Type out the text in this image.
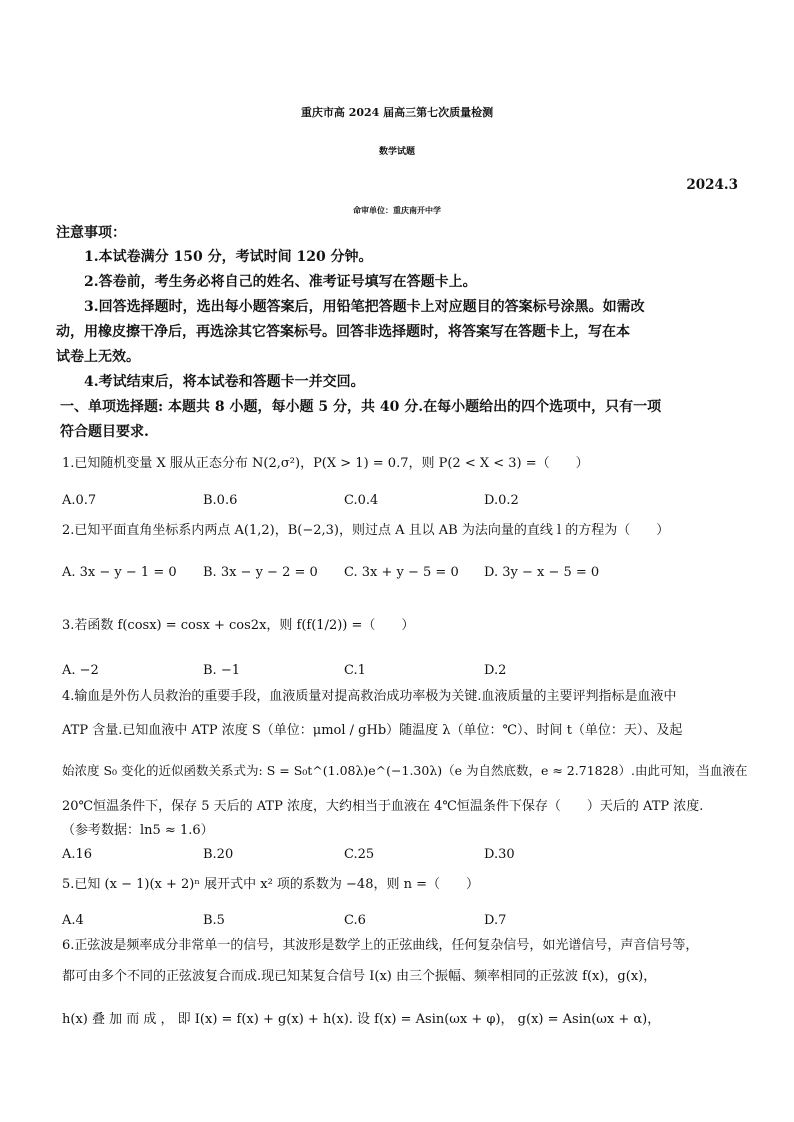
重庆市高 2024 届高三第七次质量检测
数学试题
2024.3
命审单位：重庆南开中学
注意事项：
1.本试卷满分 150 分，考试时间 120 分钟。
2.答卷前，考生务必将自己的姓名、准考证号填写在答题卡上。
3.回答选择题时，选出每小题答案后，用铅笔把答题卡上对应题目的答案标号涂黑。如需改
动，用橡皮擦干净后，再选涂其它答案标号。回答非选择题时，将答案写在答题卡上，写在本
试卷上无效。
4.考试结束后，将本试卷和答题卡一并交回。
一、单项选择题: 本题共 8 小题，每小题 5 分，共 40 分.在每小题给出的四个选项中，只有一项
符合题目要求.
1.已知随机变量 X 服从正态分布 N(2,σ²)，P(X > 1) = 0.7，则 P(2 < X < 3) =（　　）
A.0.7	B.0.6	C.0.4	D.0.2
2.已知平面直角坐标系内两点 A(1,2)，B(−2,3)，则过点 A 且以 AB 为法向量的直线 l 的方程为（　　）
A. 3x − y − 1 = 0 B. 3x − y − 2 = 0 C. 3x + y − 5 = 0 D. 3y − x − 5 = 0
3.若函数 f(cosx) = cosx + cos2x，则 f(f(1/2)) =（　　）
A. −2	B. −1	C.1	D.2
4.输血是外伤人员救治的重要手段，血液质量对提高救治成功率极为关键.血液质量的主要评判指标是血液中
ATP 含量.已知血液中 ATP 浓度 S（单位：μmol / gHb）随温度 λ（单位：℃）、时间 t（单位：天）、及起
始浓度 S₀ 变化的近似函数关系式为: S = S₀t^(1.08λ)e^(−1.30λ)（e 为自然底数，e ≈ 2.71828）.由此可知，当血液在
20℃恒温条件下，保存 5 天后的 ATP 浓度，大约相当于血液在 4℃恒温条件下保存（　　）天后的 ATP 浓度.
（参考数据：ln5 ≈ 1.6）
A.16	B.20	C.25	D.30
5.已知 (x − 1)(x + 2)ⁿ 展开式中 x² 项的系数为 −48，则 n =（　　）
A.4	B.5	C.6	D.7
6.正弦波是频率成分非常单一的信号，其波形是数学上的正弦曲线，任何复杂信号，如光谱信号，声音信号等，
都可由多个不同的正弦波复合而成.现已知某复合信号 I(x) 由三个振幅、频率相同的正弦波 f(x)，g(x)，
h(x) 叠 加 而 成 ， 即 I(x) = f(x) + g(x) + h(x). 设 f(x) = Asin(ωx + φ)， g(x) = Asin(ωx + α)，
